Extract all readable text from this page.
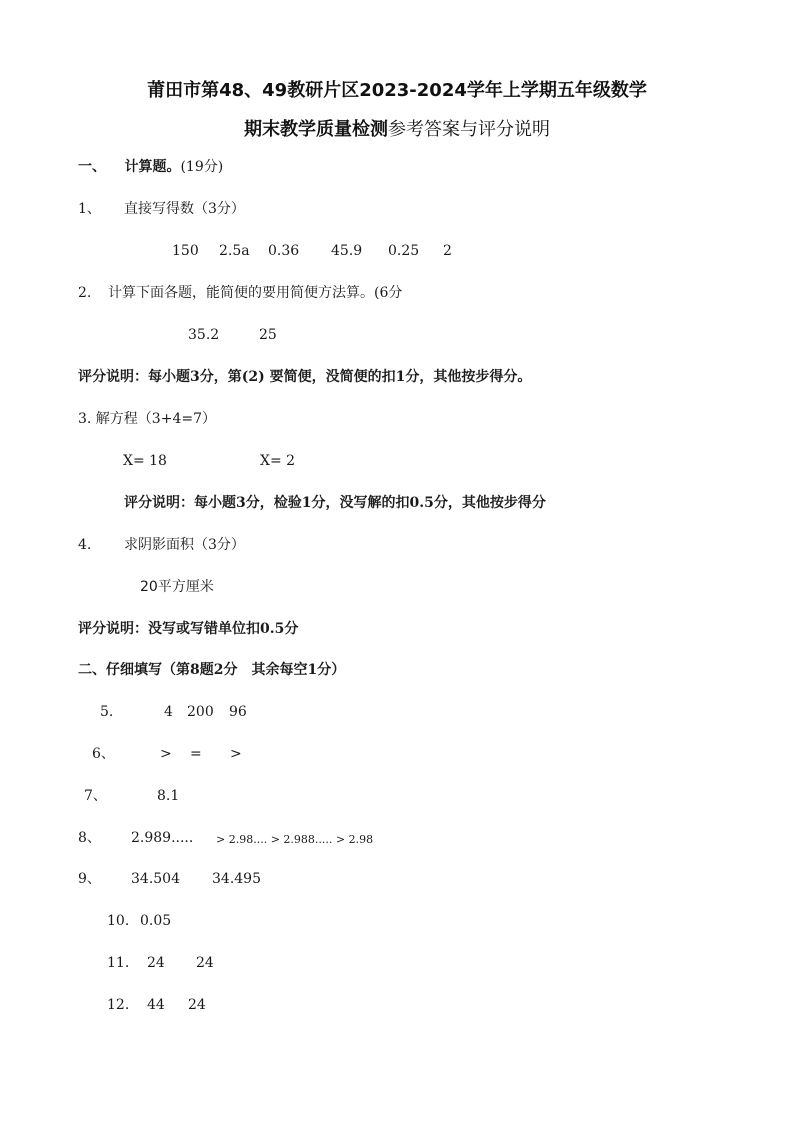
莆田市第48、49教研片区2023-2024学年上学期五年级数学
期末教学质量检测参考答案与评分说明
一、 计算题。(19分)
1、 直接写得数（3分）
150 2.5a 0.36 45.9 0.25 2
2. 计算下面各题，能简便的要用简便方法算。(6分
35.2	25
评分说明：每小题3分，第(2) 要简便，没简便的扣1分，其他按步得分。
3. 解方程（3+4=7）
X= 18	X= 2
评分说明：每小题3分，检验1分，没写解的扣0.5分，其他按步得分
4. 求阴影面积（3分）
20平方厘米
评分说明：没写或写错单位扣0.5分
二、仔细填写（第8题2分　其余每空1分）
5.	4 200 96
6、	> = >
7、	8.1
8、 2.989..... > 2.98.... > 2.988..... > 2.98
9、 34.504 34.495
10. 0.05
11. 24 24
12. 44 24
